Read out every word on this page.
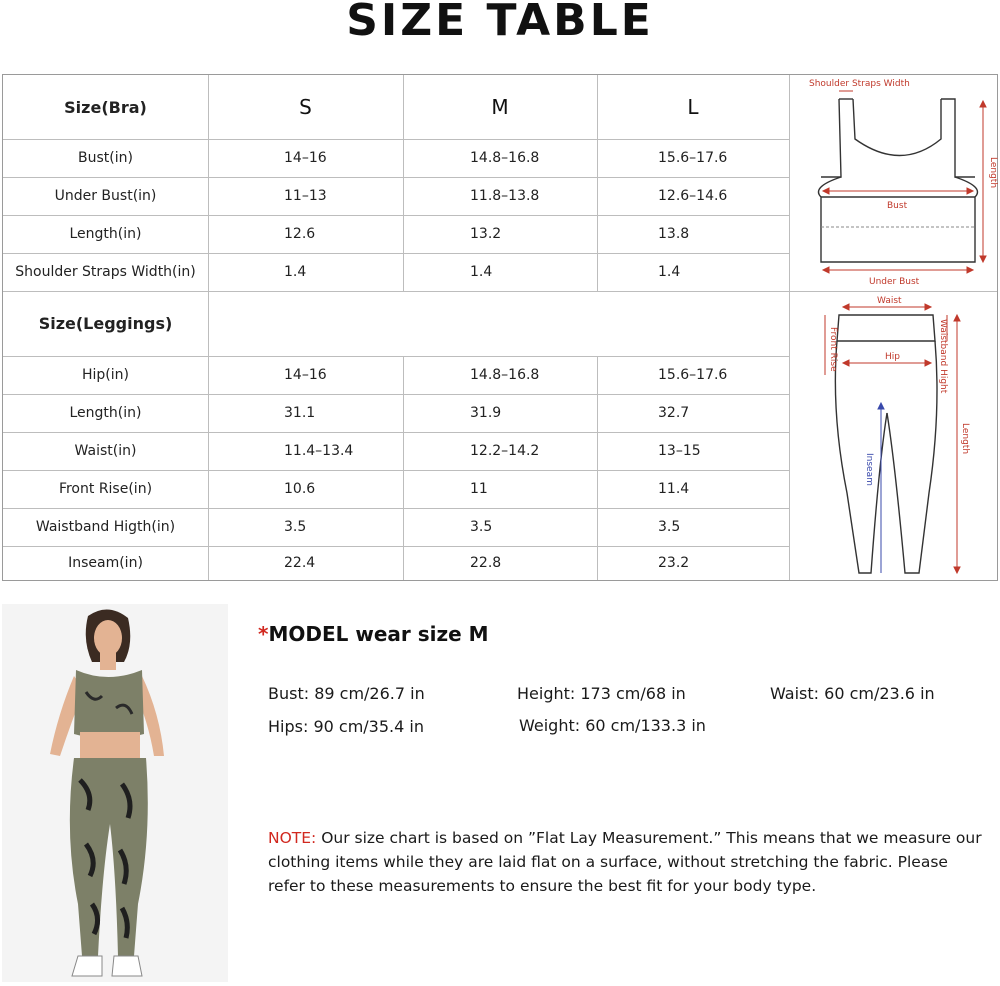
SIZE TABLE
Size(Bra)	S	M	L
Bust(in)	14–16	14.8–16.8	15.6–17.6
Under Bust(in)	11–13	11.8–13.8	12.6–14.6
Length(in)	12.6	13.2	13.8
Shoulder Straps Width(in)	1.4	1.4	1.4
Size(Leggings)
Hip(in)	14–16	14.8–16.8	15.6–17.6
Length(in)	31.1	31.9	32.7
Waist(in)	11.4–13.4	12.2–14.2	13–15
Front Rise(in)	10.6	11	11.4
Waistband Higth(in)	3.5	3.5	3.5
Inseam(in)	22.4	22.8	23.2
Shoulder Straps Width
Bust
Under Bust
Length
Waist
Hip
Front Rise	Waistband Hight
Length
Inseam
*MODEL wear size M
Bust: 89 cm/26.7 in	Height: 173 cm/68 in	Waist: 60 cm/23.6 in
Hips: 90 cm/35.4 in	Weight: 60 cm/133.3 in
NOTE: Our size chart is based on ”Flat Lay Measurement.” This means that we measure our clothing items while they are laid flat on a surface, without stretching the fabric. Please refer to these measurements to ensure the best fit for your body type.
